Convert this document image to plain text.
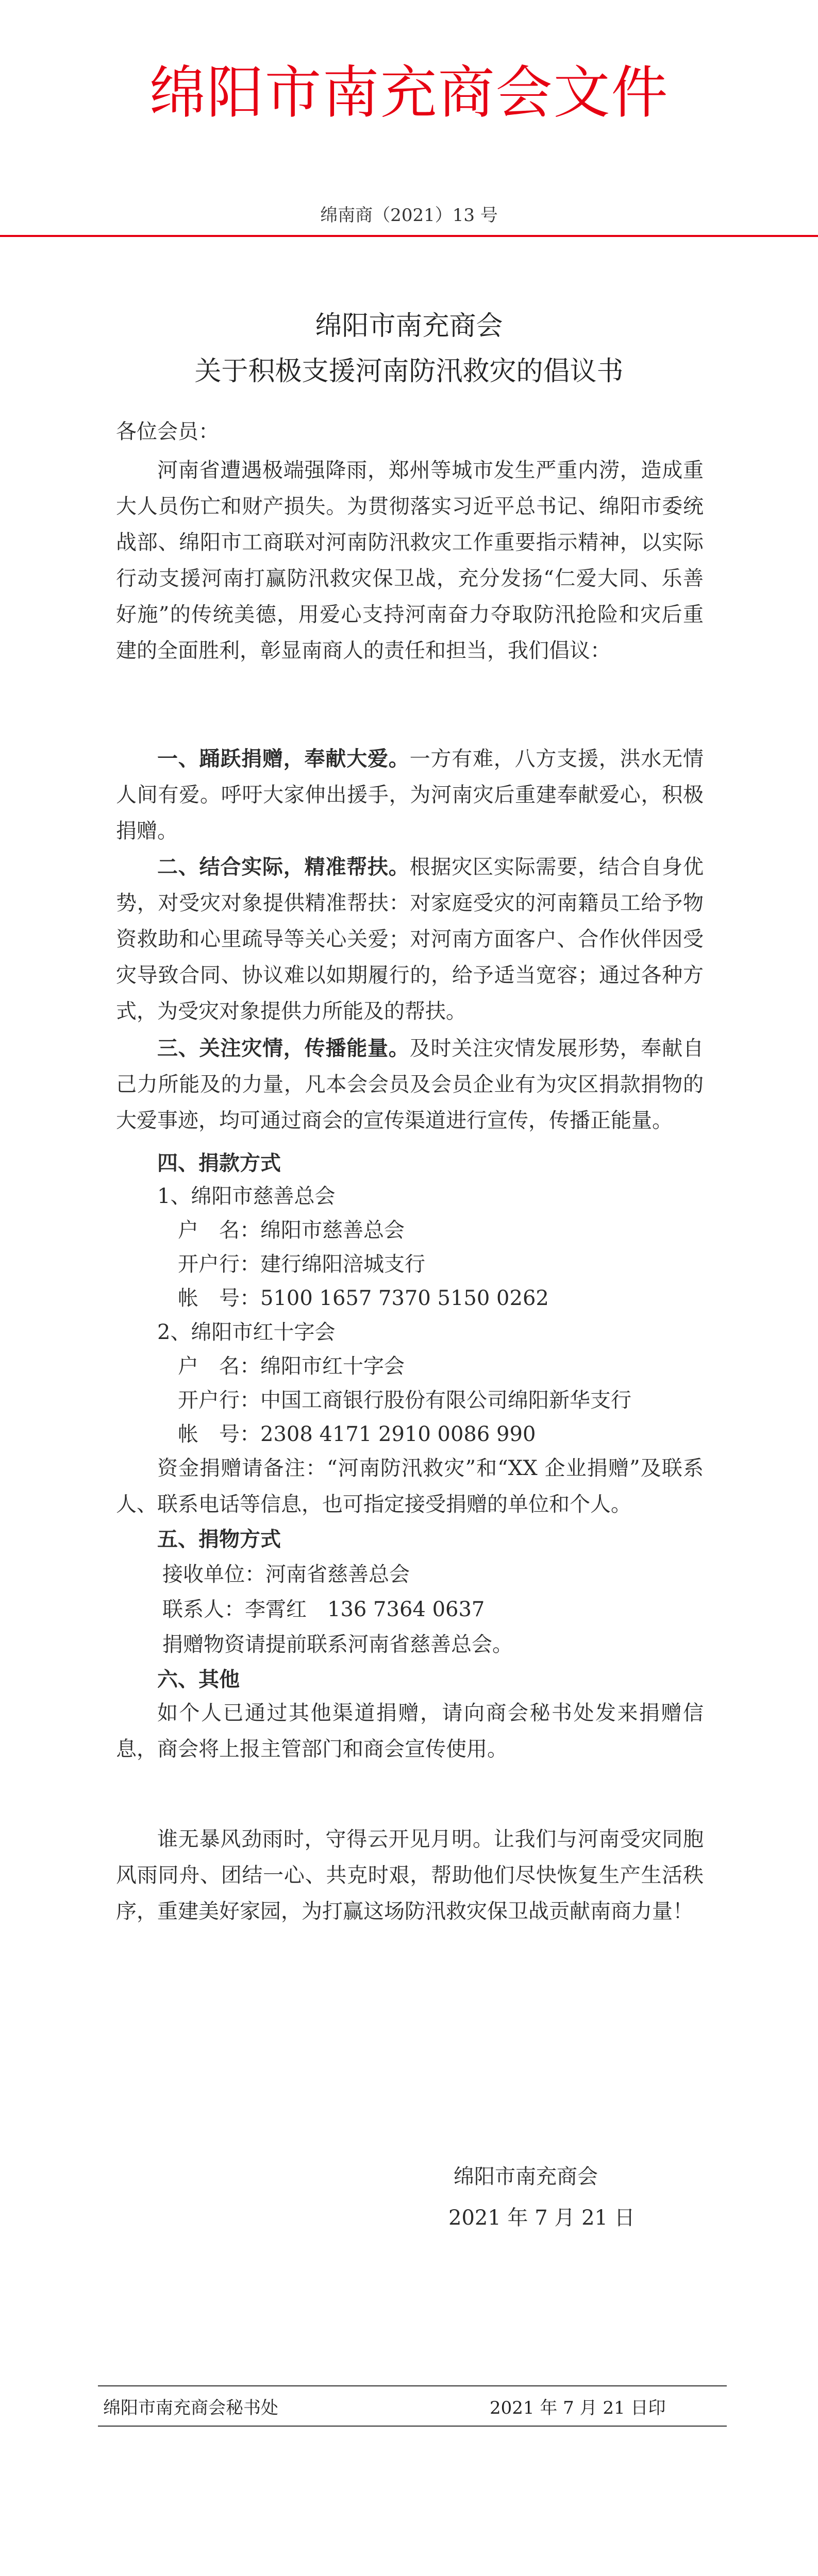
绵阳市南充商会文件
绵南商（2021）13 号
绵阳市南充商会
关于积极支援河南防汛救灾的倡议书
各位会员：

河南省遭遇极端强降雨，郑州等城市发生严重内涝，造成重大人员伤亡和财产损失。为贯彻落实习近平总书记、绵阳市委统战部、绵阳市工商联对河南防汛救灾工作重要指示精神，以实际行动支援河南打赢防汛救灾保卫战，充分发扬“仁爱大同、乐善好施”的传统美德，用爱心支持河南奋力夺取防汛抢险和灾后重建的全面胜利，彰显南商人的责任和担当，我们倡议：

一、踊跃捐赠，奉献大爱。一方有难，八方支援，洪水无情人间有爱。呼吁大家伸出援手，为河南灾后重建奉献爱心，积极捐赠。

二、结合实际，精准帮扶。根据灾区实际需要，结合自身优势，对受灾对象提供精准帮扶：对家庭受灾的河南籍员工给予物资救助和心里疏导等关心关爱；对河南方面客户、合作伙伴因受灾导致合同、协议难以如期履行的，给予适当宽容；通过各种方式，为受灾对象提供力所能及的帮扶。

三、关注灾情，传播能量。及时关注灾情发展形势，奉献自己力所能及的力量，凡本会会员及会员企业有为灾区捐款捐物的大爱事迹，均可通过商会的宣传渠道进行宣传，传播正能量。

四、捐款方式
1、绵阳市慈善总会
户　名：绵阳市慈善总会
开户行：建行绵阳涪城支行
帐　号：5100 1657 7370 5150 0262
2、绵阳市红十字会
户　名：绵阳市红十字会
开户行：中国工商银行股份有限公司绵阳新华支行
帐　号：2308 4171 2910 0086 990

资金捐赠请备注：“河南防汛救灾”和“XX 企业捐赠”及联系人、联系电话等信息，也可指定接受捐赠的单位和个人。

五、捐物方式
接收单位：河南省慈善总会
联系人：李霄红　136 7364 0637
捐赠物资请提前联系河南省慈善总会。
六、其他

如个人已通过其他渠道捐赠，请向商会秘书处发来捐赠信息，商会将上报主管部门和商会宣传使用。

谁无暴风劲雨时，守得云开见月明。让我们与河南受灾同胞风雨同舟、团结一心、共克时艰，帮助他们尽快恢复生产生活秩序，重建美好家园，为打赢这场防汛救灾保卫战贡献南商力量！

绵阳市南充商会
2021 年 7 月 21 日
绵阳市南充商会秘书处	2021 年 7 月 21 日印
